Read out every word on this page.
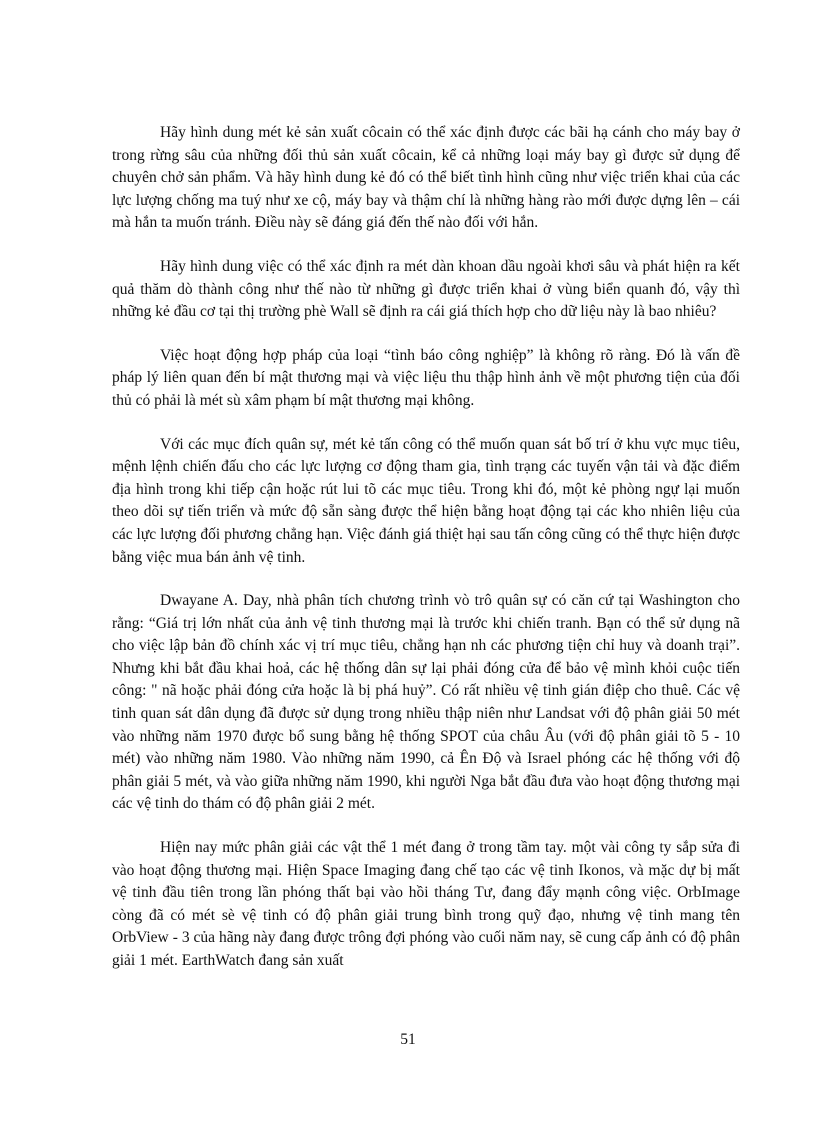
Hãy hình dung mét kẻ sản xuất côcain có thể xác định được các bãi hạ cánh cho máy bay ở trong rừng sâu của những đối thủ sản xuất côcain, kể cả những loại máy bay gì được sử dụng để chuyên chở sản phẩm. Và hãy hình dung kẻ đó có thể biết tình hình cũng như việc triển khai của các lực lượng chống ma tuý như xe cộ, máy bay và thậm chí là những hàng rào mới được dựng lên – cái mà hắn ta muốn tránh. Điều này sẽ đáng giá đến thế nào đối với hắn.

Hãy hình dung việc có thể xác định ra mét dàn khoan dầu ngoài khơi sâu và phát hiện ra kết quả thăm dò thành công như thế nào từ những gì được triển khai ở vùng biển quanh đó, vậy thì những kẻ đầu cơ tại thị trường phè Wall sẽ định ra cái giá thích hợp cho dữ liệu này là bao nhiêu?

Việc hoạt động hợp pháp của loại “tình báo công nghiệp” là không rõ ràng. Đó là vấn đề pháp lý liên quan đến bí mật thương mại và việc liệu thu thập hình ảnh về một phương tiện của đối thủ có phải là mét sù xâm phạm bí mật thương mại không.

Với các mục đích quân sự, mét kẻ tấn công có thể muốn quan sát bố trí ở khu vực mục tiêu, mệnh lệnh chiến đấu cho các lực lượng cơ động tham gia, tình trạng các tuyến vận tải và đặc điểm địa hình trong khi tiếp cận hoặc rút lui tõ các mục tiêu. Trong khi đó, một kẻ phòng ngự lại muốn theo dõi sự tiến triển và mức độ sẵn sàng được thể hiện bằng hoạt động tại các kho nhiên liệu của các lực lượng đối phương chẳng hạn. Việc đánh giá thiệt hại sau tấn công cũng có thể thực hiện được bằng việc mua bán ảnh vệ tinh.

Dwayane A. Day, nhà phân tích chương trình vò trô quân sự có căn cứ tại Washington cho rằng: “Giá trị lớn nhất của ảnh vệ tinh thương mại là trước khi chiến tranh. Bạn có thể sử dụng nã cho việc lập bản đồ chính xác vị trí mục tiêu, chẳng hạn nh các phương tiện chỉ huy và doanh trại”. Nhưng khi bắt đầu khai hoả, các hệ thống dân sự lại phải đóng cửa để bảo vệ mình khỏi cuộc tiến công: " nã hoặc phải đóng cửa hoặc là bị phá huỷ”. Có rất nhiều vệ tinh gián điệp cho thuê. Các vệ tinh quan sát dân dụng đã được sử dụng trong nhiều thập niên như Landsat với độ phân giải 50 mét vào những năm 1970 được bổ sung bằng hệ thống SPOT của châu Âu (với độ phân giải tõ 5 - 10 mét) vào những năm 1980. Vào những năm 1990, cả Ên Độ và Israel phóng các hệ thống với độ phân giải 5 mét, và vào giữa những năm 1990, khi người Nga bắt đầu đưa vào hoạt động thương mại các vệ tinh do thám có độ phân giải 2 mét.

Hiện nay mức phân giải các vật thể 1 mét đang ở trong tầm tay. một vài công ty sắp sửa đi vào hoạt động thương mại. Hiện Space Imaging đang chế tạo các vệ tinh Ikonos, và mặc dự bị mất vệ tinh đầu tiên trong lần phóng thất bại vào hồi tháng Tư, đang đẩy mạnh công việc. OrbImage còng đã có mét sè vệ tinh có độ phân giải trung bình trong quỹ đạo, nhưng vệ tinh mang tên OrbView - 3 của hãng này đang được trông đợi phóng vào cuối năm nay, sẽ cung cấp ảnh có độ phân giải 1 mét. EarthWatch đang sản xuất

51
